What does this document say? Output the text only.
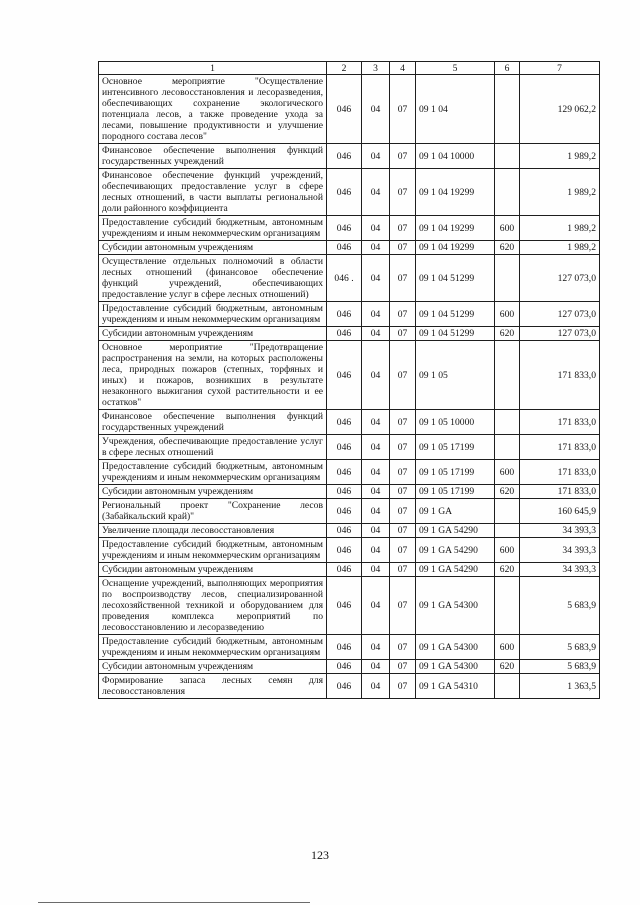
1	2	3	4	5	6	7
Основное мероприятие "Осуществление интенсивного лесовосстановления и лесоразведения, обеспечивающих сохранение экологического потенциала лесов, а также проведение ухода за лесами, повышение продуктивности и улучшение породного состава лесов"	046	04	07	09 1 04		129 062,2
Финансовое обеспечение выполнения функций государственных учреждений	046	04	07	09 1 04 10000		1 989,2
Финансовое обеспечение функций учреждений, обеспечивающих предоставление услуг в сфере лесных отношений, в части выплаты региональной доли районного коэффициента	046	04	07	09 1 04 19299		1 989,2
Предоставление субсидий бюджетным, автономным учреждениям и иным некоммерческим организациям	046	04	07	09 1 04 19299	600	1 989,2
Субсидии автономным учреждениям	046	04	07	09 1 04 19299	620	1 989,2
Осуществление отдельных полномочий в области лесных отношений (финансовое обеспечение функций учреждений, обеспечивающих предоставление услуг в сфере лесных отношений)	046 .	04	07	09 1 04 51299		127 073,0
Предоставление субсидий бюджетным, автономным учреждениям и иным некоммерческим организациям	046	04	07	09 1 04 51299	600	127 073,0
Субсидии автономным учреждениям	046	04	07	09 1 04 51299	620	127 073,0
Основное мероприятие "Предотвращение распространения на земли, на которых расположены леса, природных пожаров (степных, торфяных и иных) и пожаров, возникших в результате незаконного выжигания сухой растительности и ее остатков"	046	04	07	09 1 05		171 833,0
Финансовое обеспечение выполнения функций государственных учреждений	046	04	07	09 1 05 10000		171 833,0
Учреждения, обеспечивающие предоставление услуг в сфере лесных отношений	046	04	07	09 1 05 17199		171 833,0
Предоставление субсидий бюджетным, автономным учреждениям и иным некоммерческим организациям	046	04	07	09 1 05 17199	600	171 833,0
Субсидии автономным учреждениям	046	04	07	09 1 05 17199	620	171 833,0
Региональный проект "Сохранение лесов (Забайкальский край)"	046	04	07	09 1 GA		160 645,9
Увеличение площади лесовосстановления	046	04	07	09 1 GA 54290		34 393,3
Предоставление субсидий бюджетным, автономным учреждениям и иным некоммерческим организациям	046	04	07	09 1 GA 54290	600	34 393,3
Субсидии автономным учреждениям	046	04	07	09 1 GA 54290	620	34 393,3
Оснащение учреждений, выполняющих мероприятия по воспроизводству лесов, специализированной лесохозяйственной техникой и оборудованием для проведения комплекса мероприятий по лесовосстановлению и лесоразведению	046	04	07	09 1 GA 54300		5 683,9
Предоставление субсидий бюджетным, автономным учреждениям и иным некоммерческим организациям	046	04	07	09 1 GA 54300	600	5 683,9
Субсидии автономным учреждениям	046	04	07	09 1 GA 54300	620	5 683,9
Формирование запаса лесных семян для лесовосстановления	046	04	07	09 1 GA 54310		1 363,5
123
